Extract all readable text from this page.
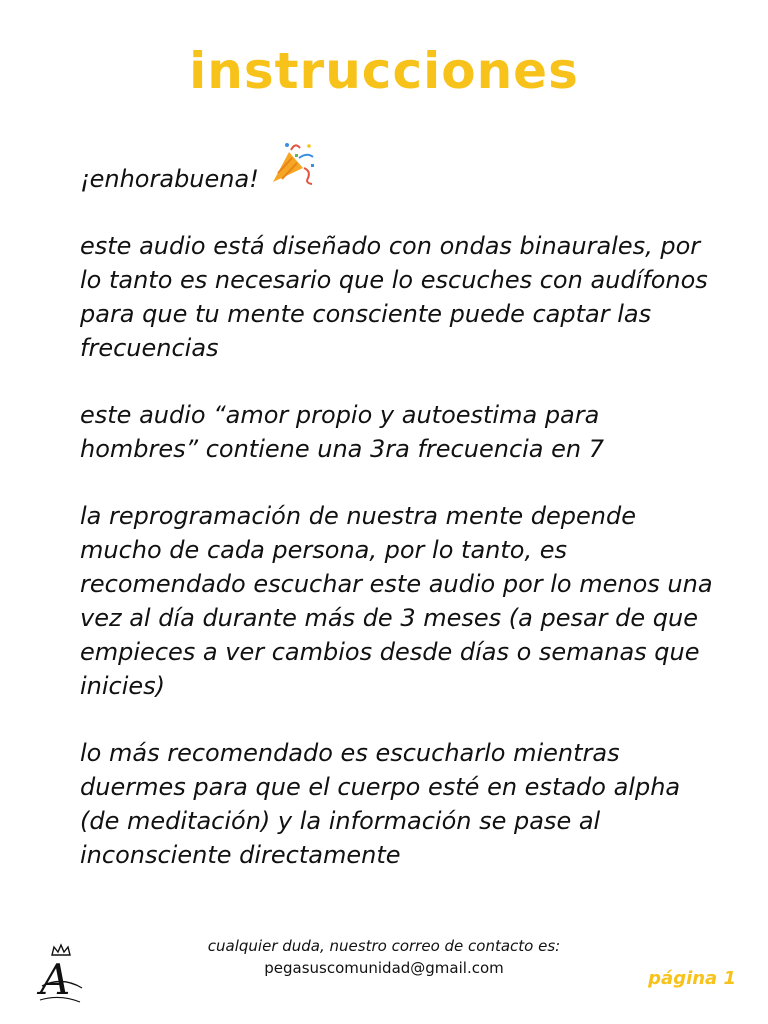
instrucciones

¡enhorabuena!

este audio está diseñado con ondas binaurales, por lo tanto es necesario que lo escuches con audífonos para que tu mente consciente puede captar las frecuencias

este audio “amor propio y autoestima para hombres” contiene una 3ra frecuencia en 7

la reprogramación de nuestra mente depende mucho de cada persona, por lo tanto, es recomendado escuchar este audio por lo menos una vez al día durante más de 3 meses (a pesar de que empieces a ver cambios desde días o semanas que inicies)

lo más recomendado es escucharlo mientras duermes para que el cuerpo esté en estado alpha (de meditación) y la información se pase al inconsciente directamente

A
cualquier duda, nuestro correo de contacto es:
pegasuscomunidad@gmail.com	página 1
